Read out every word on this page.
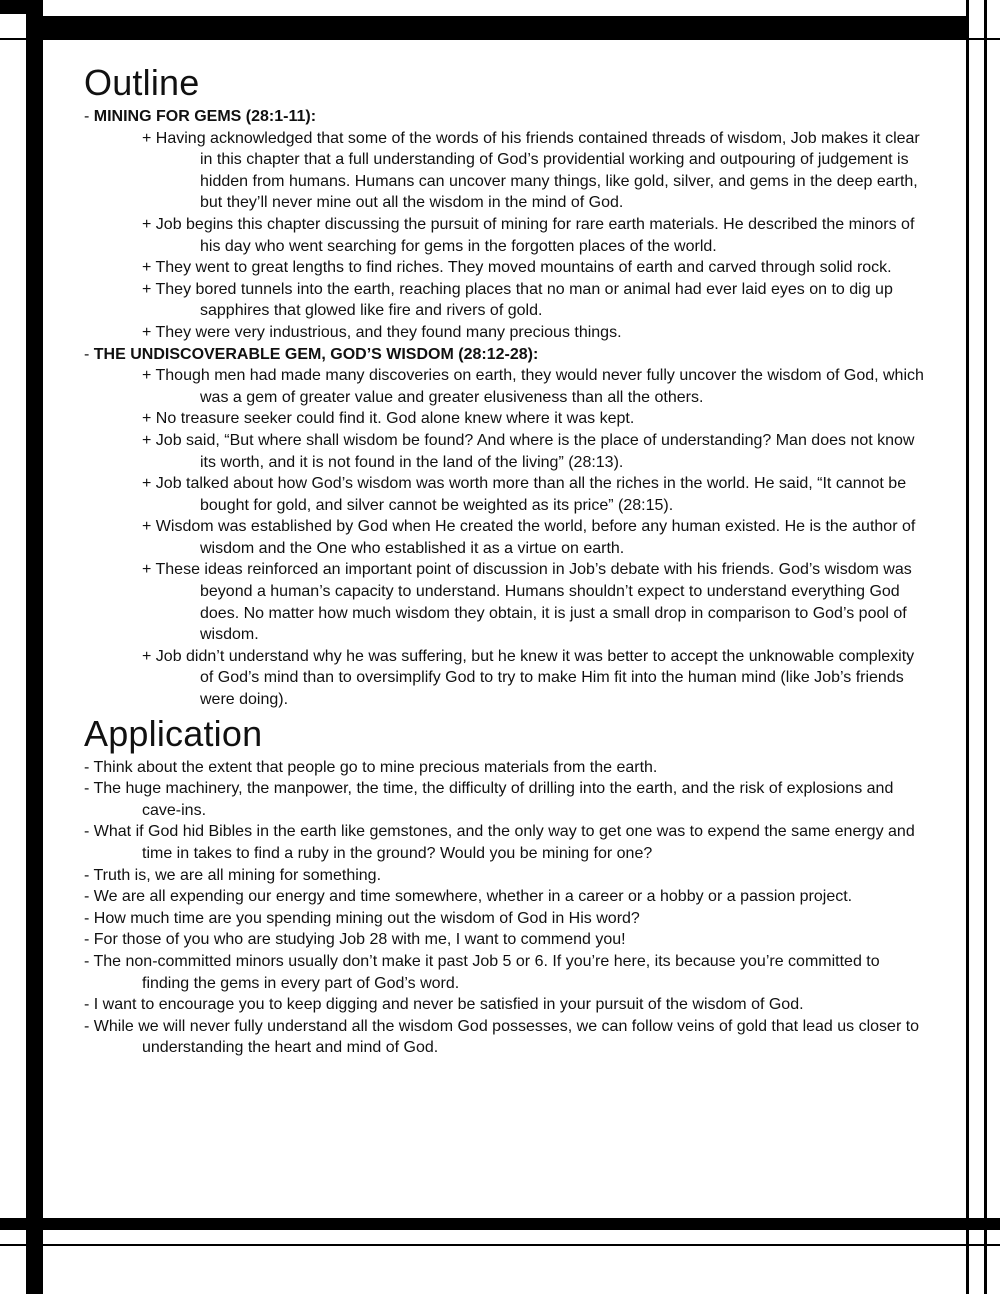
Outline
- MINING FOR GEMS (28:1-11):
+ Having acknowledged that some of the words of his friends contained threads of wisdom, Job makes it clear in this chapter that a full understanding of God’s providential working and outpouring of judgement is hidden from humans. Humans can uncover many things, like gold, silver, and gems in the deep earth, but they’ll never mine out all the wisdom in the mind of God.
+ Job begins this chapter discussing the pursuit of mining for rare earth materials. He described the minors of his day who went searching for gems in the forgotten places of the world.
+ They went to great lengths to find riches. They moved mountains of earth and carved through solid rock.
+ They bored tunnels into the earth, reaching places that no man or animal had ever laid eyes on to dig up sapphires that glowed like fire and rivers of gold.
+ They were very industrious, and they found many precious things.
- THE UNDISCOVERABLE GEM, GOD’S WISDOM (28:12-28):
+ Though men had made many discoveries on earth, they would never fully uncover the wisdom of God, which was a gem of greater value and greater elusiveness than all the others.
+ No treasure seeker could find it. God alone knew where it was kept.
+ Job said, “But where shall wisdom be found? And where is the place of understanding? Man does not know its worth, and it is not found in the land of the living” (28:13).
+ Job talked about how God’s wisdom was worth more than all the riches in the world. He said, “It cannot be bought for gold, and silver cannot be weighted as its price” (28:15).
+ Wisdom was established by God when He created the world, before any human existed. He is the author of wisdom and the One who established it as a virtue on earth.
+ These ideas reinforced an important point of discussion in Job’s debate with his friends. God’s wisdom was beyond a human’s capacity to understand. Humans shouldn’t expect to understand everything God does. No matter how much wisdom they obtain, it is just a small drop in comparison to God’s pool of wisdom.
+ Job didn’t understand why he was suffering, but he knew it was better to accept the unknowable complexity of God’s mind than to oversimplify God to try to make Him fit into the human mind (like Job’s friends were doing).
Application
- Think about the extent that people go to mine precious materials from the earth.
- The huge machinery, the manpower, the time, the difficulty of drilling into the earth, and the risk of explosions and cave-ins.
- What if God hid Bibles in the earth like gemstones, and the only way to get one was to expend the same energy and time in takes to find a ruby in the ground? Would you be mining for one?
- Truth is, we are all mining for something.
- We are all expending our energy and time somewhere, whether in a career or a hobby or a passion project.
- How much time are you spending mining out the wisdom of God in His word?
- For those of you who are studying Job 28 with me, I want to commend you!
- The non-committed minors usually don’t make it past Job 5 or 6. If you’re here, its because you’re committed to finding the gems in every part of God’s word.
- I want to encourage you to keep digging and never be satisfied in your pursuit of the wisdom of God.
- While we will never fully understand all the wisdom God possesses, we can follow veins of gold that lead us closer to understanding the heart and mind of God.
